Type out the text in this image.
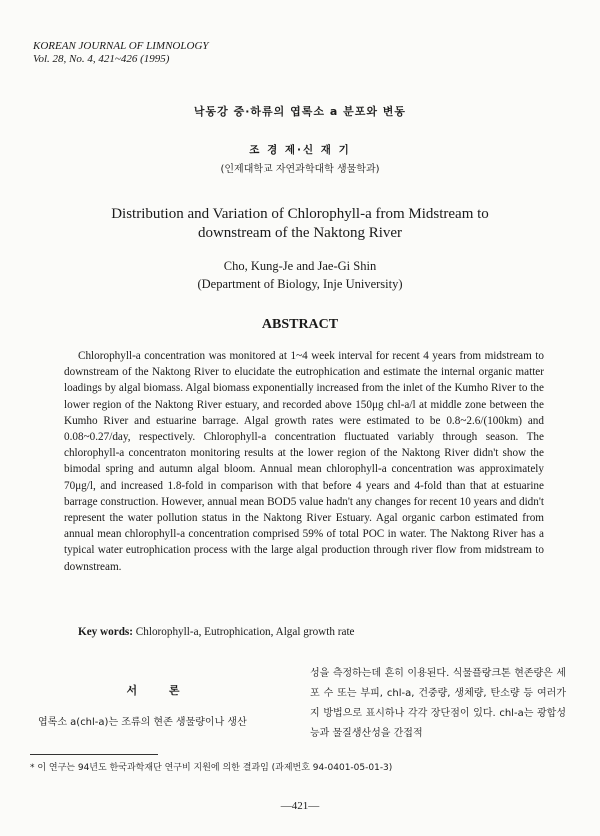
KOREAN JOURNAL OF LIMNOLOGY
Vol. 28, No. 4, 421~426 (1995)
낙동강 중·하류의 엽록소 a 분포와 변동
조 경 제·신 재 기
(인제대학교 자연과학대학 생물학과)
Distribution and Variation of Chlorophyll-a from Midstream to
downstream of the Naktong River
Cho, Kung-Je and Jae-Gi Shin
(Department of Biology, Inje University)
ABSTRACT

Chlorophyll-a concentration was monitored at 1~4 week interval for recent 4 years from midstream to downstream of the Naktong River to elucidate the eutrophication and estimate the internal organic matter loadings by algal biomass. Algal biomass exponentially increased from the inlet of the Kumho River to the lower region of the Naktong River estuary, and recorded above 150μg chl-a/l at middle zone between the Kumho River and estuarine barrage. Algal growth rates were estimated to be 0.8~2.6/(100km) and 0.08~0.27/day, respectively. Chlorophyll-a concentration fluctuated variably through season. The chlorophyll-a concentraton monitoring results at the lower region of the Naktong River didn't show the bimodal spring and autumn algal bloom. Annual mean chlorophyll-a concentration was approximately 70μg/l, and increased 1.8-fold in comparison with that before 4 years and 4-fold than that at estuarine barrage construction. However, annual mean BOD5 value hadn't any changes for recent 10 years and didn't represent the water pollution status in the Naktong River Estuary. Agal organic carbon estimated from annual mean chlorophyll-a concentration comprised 59% of total POC in water. The Naktong River has a typical water eutrophication process with the large algal production through river flow from midstream to downstream.

Key words: Chlorophyll-a, Eutrophication, Algal growth rate
서 론
엽록소 a(chl-a)는 조류의 현존 생물량이나 생산
성을 측정하는데 흔히 이용된다. 식물플랑크톤 현존량은 세포 수 또는 부피, chl-a, 건중량, 생체량, 탄소량 등 여러가지 방법으로 표시하나 각각 장단점이 있다. chl-a는 광합성능과 물질생산성을 간접적
* 이 연구는 94년도 한국과학재단 연구비 지원에 의한 결과임 (과제번호 94-0401-05-01-3)
—421—
